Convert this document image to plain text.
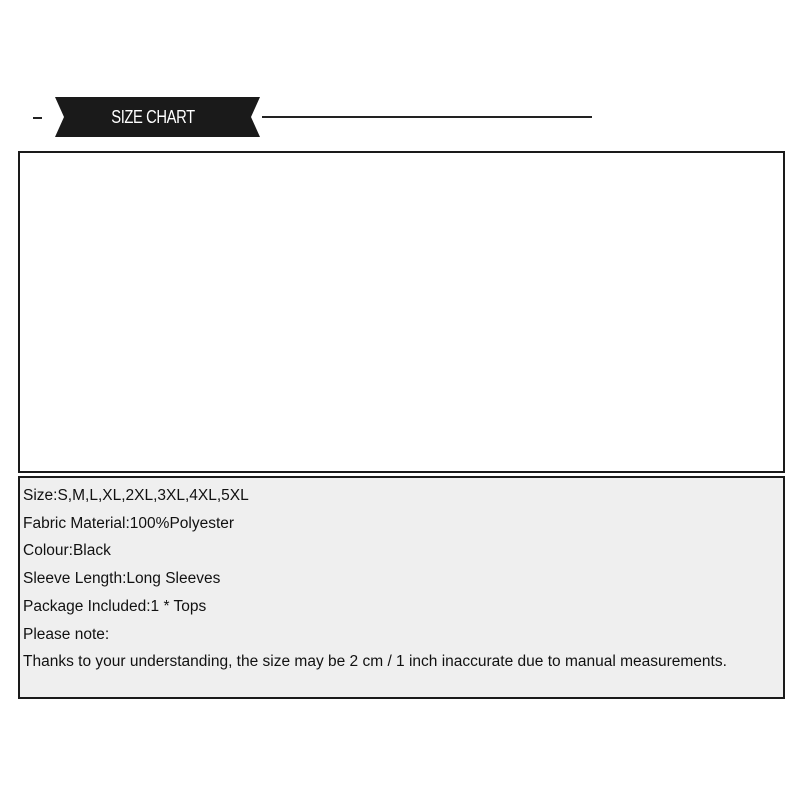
SIZE CHART

Size:S,M,L,XL,2XL,3XL,4XL,5XL
Fabric Material:100%Polyester
Colour:Black
Sleeve Length:Long Sleeves
Package Included:1 * Tops
Please note:
Thanks to your understanding, the size may be 2 cm / 1 inch inaccurate due to manual measurements.
